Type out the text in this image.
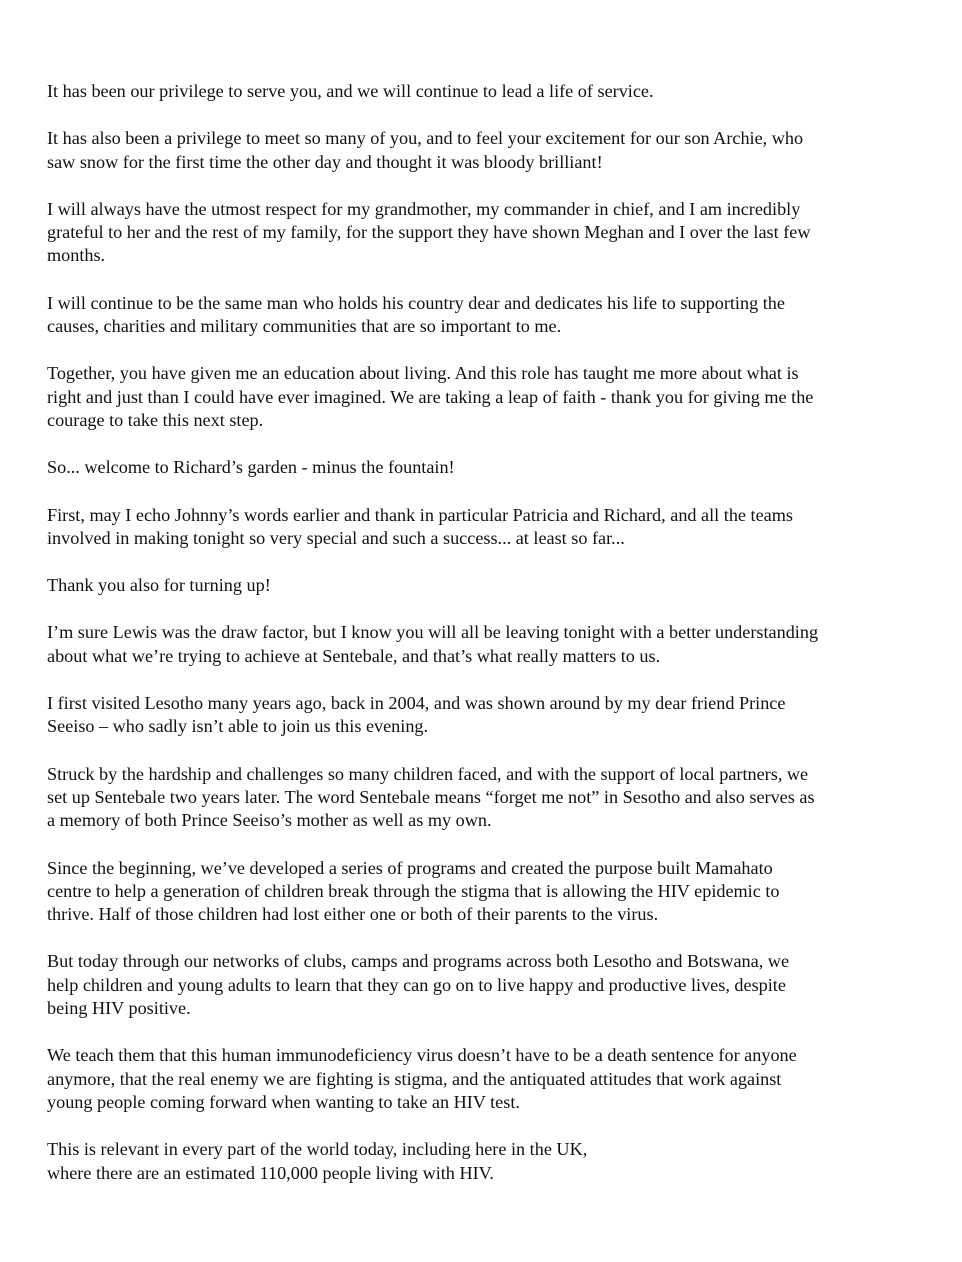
It has been our privilege to serve you, and we will continue to lead a life of service.

It has also been a privilege to meet so many of you, and to feel your excitement for our son Archie, who
saw snow for the first time the other day and thought it was bloody brilliant!

I will always have the utmost respect for my grandmother, my commander in chief, and I am incredibly
grateful to her and the rest of my family, for the support they have shown Meghan and I over the last few
months.

I will continue to be the same man who holds his country dear and dedicates his life to supporting the
causes, charities and military communities that are so important to me.

Together, you have given me an education about living. And this role has taught me more about what is
right and just than I could have ever imagined. We are taking a leap of faith - thank you for giving me the
courage to take this next step.

So... welcome to Richard’s garden - minus the fountain!

First, may I echo Johnny’s words earlier and thank in particular Patricia and Richard, and all the teams
involved in making tonight so very special and such a success... at least so far...

Thank you also for turning up!

I’m sure Lewis was the draw factor, but I know you will all be leaving tonight with a better understanding
about what we’re trying to achieve at Sentebale, and that’s what really matters to us.

I first visited Lesotho many years ago, back in 2004, and was shown around by my dear friend Prince
Seeiso – who sadly isn’t able to join us this evening.

Struck by the hardship and challenges so many children faced, and with the support of local partners, we
set up Sentebale two years later. The word Sentebale means “forget me not” in Sesotho and also serves as
a memory of both Prince Seeiso’s mother as well as my own.

Since the beginning, we’ve developed a series of programs and created the purpose built Mamahato
centre to help a generation of children break through the stigma that is allowing the HIV epidemic to
thrive. Half of those children had lost either one or both of their parents to the virus.

But today through our networks of clubs, camps and programs across both Lesotho and Botswana, we
help children and young adults to learn that they can go on to live happy and productive lives, despite
being HIV positive.

We teach them that this human immunodeficiency virus doesn’t have to be a death sentence for anyone
anymore, that the real enemy we are fighting is stigma, and the antiquated attitudes that work against
young people coming forward when wanting to take an HIV test.

This is relevant in every part of the world today, including here in the UK,
where there are an estimated 110,000 people living with HIV.
